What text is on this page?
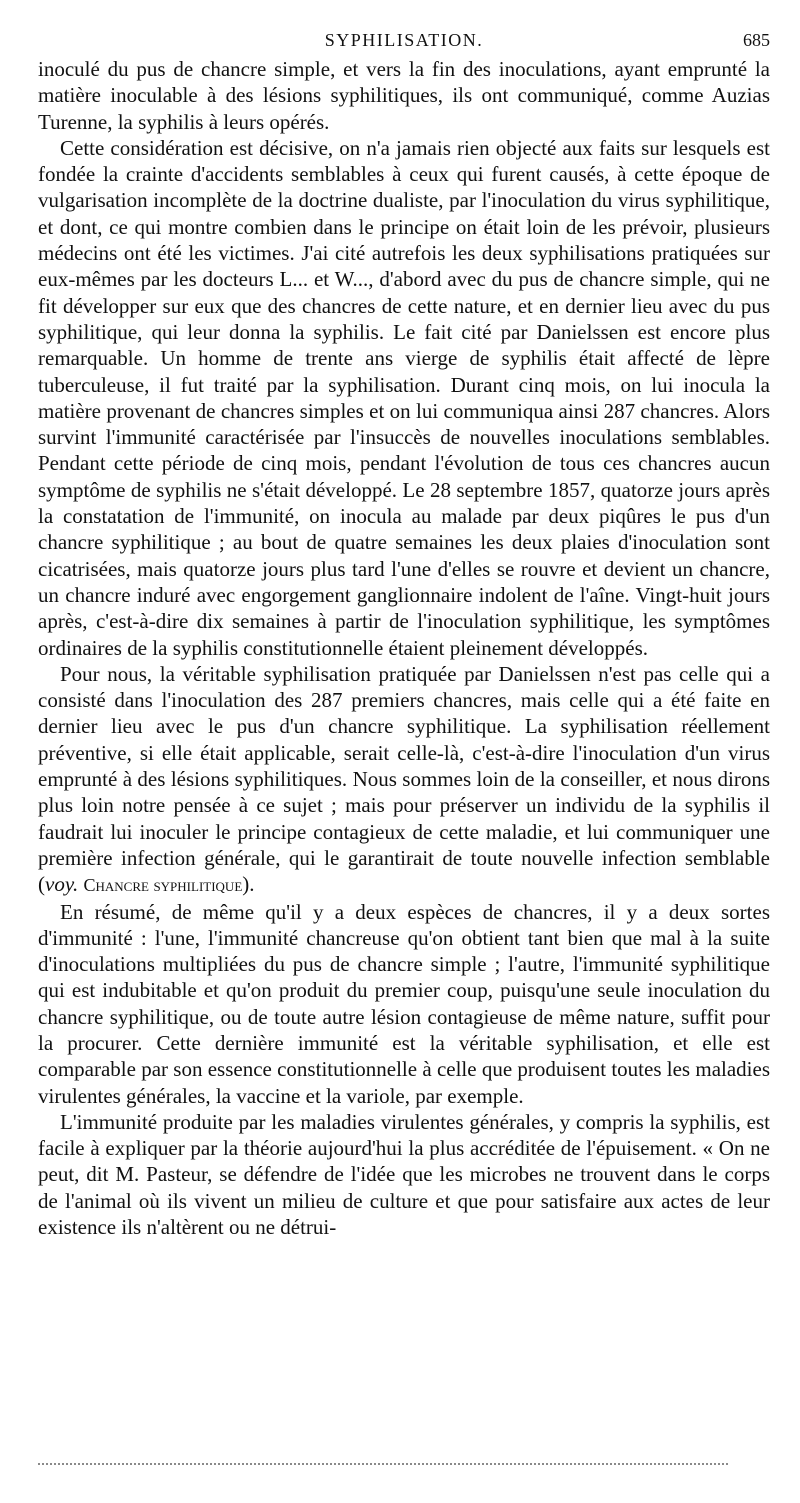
SYPHILISATION.	685

inoculé du pus de chancre simple, et vers la fin des inoculations, ayant emprunté la matière inoculable à des lésions syphilitiques, ils ont communiqué, comme Auzias Turenne, la syphilis à leurs opérés.

Cette considération est décisive, on n'a jamais rien objecté aux faits sur lesquels est fondée la crainte d'accidents semblables à ceux qui furent causés, à cette époque de vulgarisation incomplète de la doctrine dualiste, par l'inoculation du virus syphilitique, et dont, ce qui montre combien dans le principe on était loin de les prévoir, plusieurs médecins ont été les victimes. J'ai cité autrefois les deux syphilisations pratiquées sur eux-mêmes par les docteurs L... et W..., d'abord avec du pus de chancre simple, qui ne fit développer sur eux que des chancres de cette nature, et en dernier lieu avec du pus syphilitique, qui leur donna la syphilis. Le fait cité par Danielssen est encore plus remarquable. Un homme de trente ans vierge de syphilis était affecté de lèpre tuberculeuse, il fut traité par la syphilisation. Durant cinq mois, on lui inocula la matière provenant de chancres simples et on lui communiqua ainsi 287 chancres. Alors survint l'immunité caractérisée par l'insuccès de nouvelles inoculations semblables. Pendant cette période de cinq mois, pendant l'évolution de tous ces chancres aucun symptôme de syphilis ne s'était développé. Le 28 septembre 1857, quatorze jours après la constatation de l'immunité, on inocula au malade par deux piqûres le pus d'un chancre syphilitique ; au bout de quatre semaines les deux plaies d'inoculation sont cicatrisées, mais quatorze jours plus tard l'une d'elles se rouvre et devient un chancre, un chancre induré avec engorgement ganglionnaire indolent de l'aîne. Vingt-huit jours après, c'est-à-dire dix semaines à partir de l'inoculation syphilitique, les symptômes ordinaires de la syphilis constitutionnelle étaient pleinement développés.

Pour nous, la véritable syphilisation pratiquée par Danielssen n'est pas celle qui a consisté dans l'inoculation des 287 premiers chancres, mais celle qui a été faite en dernier lieu avec le pus d'un chancre syphilitique. La syphilisation réellement préventive, si elle était applicable, serait celle-là, c'est-à-dire l'inoculation d'un virus emprunté à des lésions syphilitiques. Nous sommes loin de la conseiller, et nous dirons plus loin notre pensée à ce sujet ; mais pour préserver un individu de la syphilis il faudrait lui inoculer le principe contagieux de cette maladie, et lui communiquer une première infection générale, qui le garantirait de toute nouvelle infection semblable (voy. Chancre syphilitique).

En résumé, de même qu'il y a deux espèces de chancres, il y a deux sortes d'immunité : l'une, l'immunité chancreuse qu'on obtient tant bien que mal à la suite d'inoculations multipliées du pus de chancre simple ; l'autre, l'immunité syphilitique qui est indubitable et qu'on produit du premier coup, puisqu'une seule inoculation du chancre syphilitique, ou de toute autre lésion contagieuse de même nature, suffit pour la procurer. Cette dernière immunité est la véritable syphilisation, et elle est comparable par son essence constitutionnelle à celle que produisent toutes les maladies virulentes générales, la vaccine et la variole, par exemple.

L'immunité produite par les maladies virulentes générales, y compris la syphilis, est facile à expliquer par la théorie aujourd'hui la plus accréditée de l'épuisement. « On ne peut, dit M. Pasteur, se défendre de l'idée que les microbes ne trouvent dans le corps de l'animal où ils vivent un milieu de culture et que pour satisfaire aux actes de leur existence ils n'altèrent ou ne détrui-
